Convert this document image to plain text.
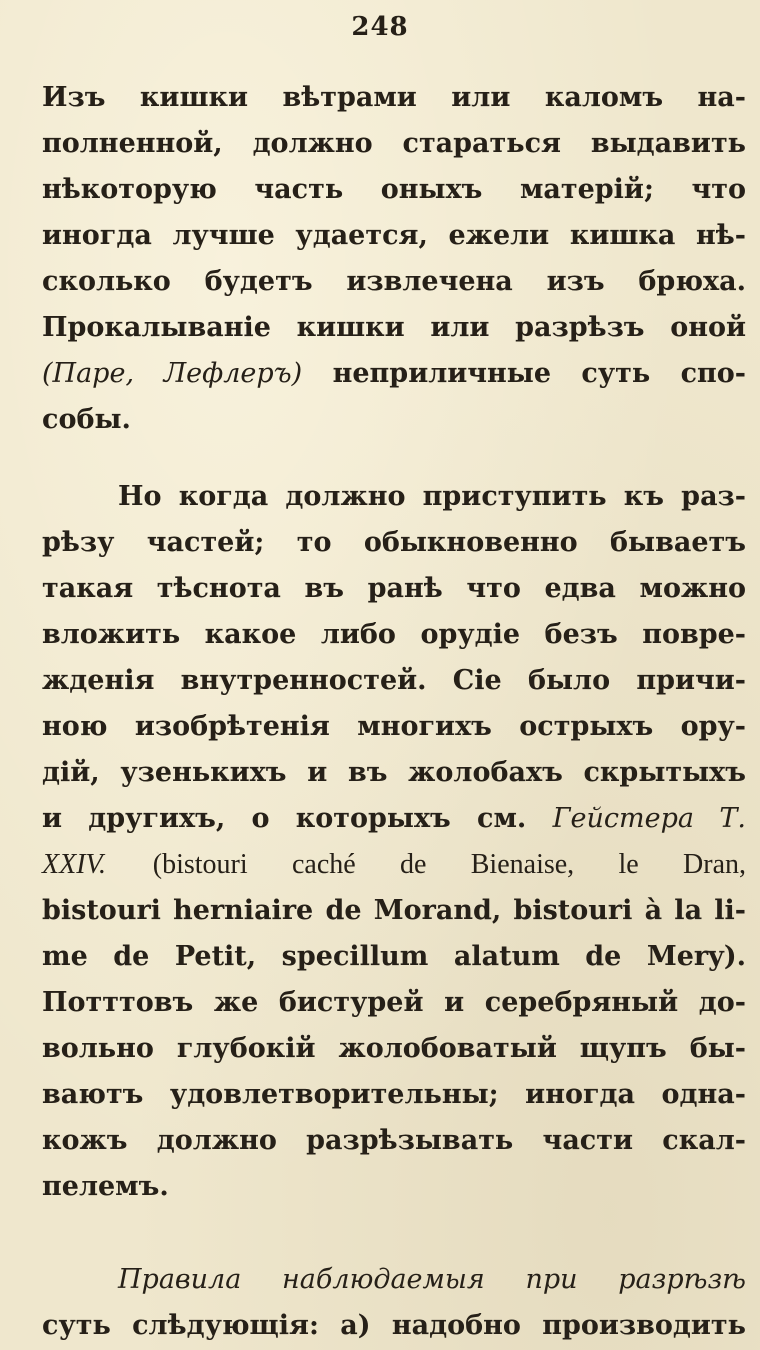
248
Изъ кишки вѣтрами или каломъ на-
полненной, должно стараться выдавить
нѣкоторую часть оныхъ матерій; что
иногда лучше удается, ежели кишка нѣ-
сколько будетъ извлечена изъ брюха.
Прокалыванiе кишки или разрѣзъ оной
(Паре, Лефлеръ) неприличные суть спо-
собы.
Но когда должно приступить къ раз-
рѣзу частей; то обыкновенно бываетъ
такая тѣснота въ ранѣ что едва можно
вложить какое либо орудiе безъ повре-
жденiя внутренностей. Сiе было причи-
ною изобрѣтенiя многихъ острыхъ ору-
дiй, узенькихъ и въ жолобахъ скрытыхъ
и другихъ, о которыхъ см. Гейстера Т.
XXIV. (bistouri caché de Bienaise, le Dran,
bistouri herniaire de Morand, bistouri à la li-
me de Petit, specillum alatum de Mery).
Потттовъ же бистурей и серебряный до-
вольно глубокiй жолобоватый щупъ бы-
ваютъ удовлетворительны; иногда одна-
кожъ должно разрѣзывать части скал-
пелемъ.
Правила наблюдаемыя при разрѣзѣ
суть слѣдующiя: а) надобно производить
